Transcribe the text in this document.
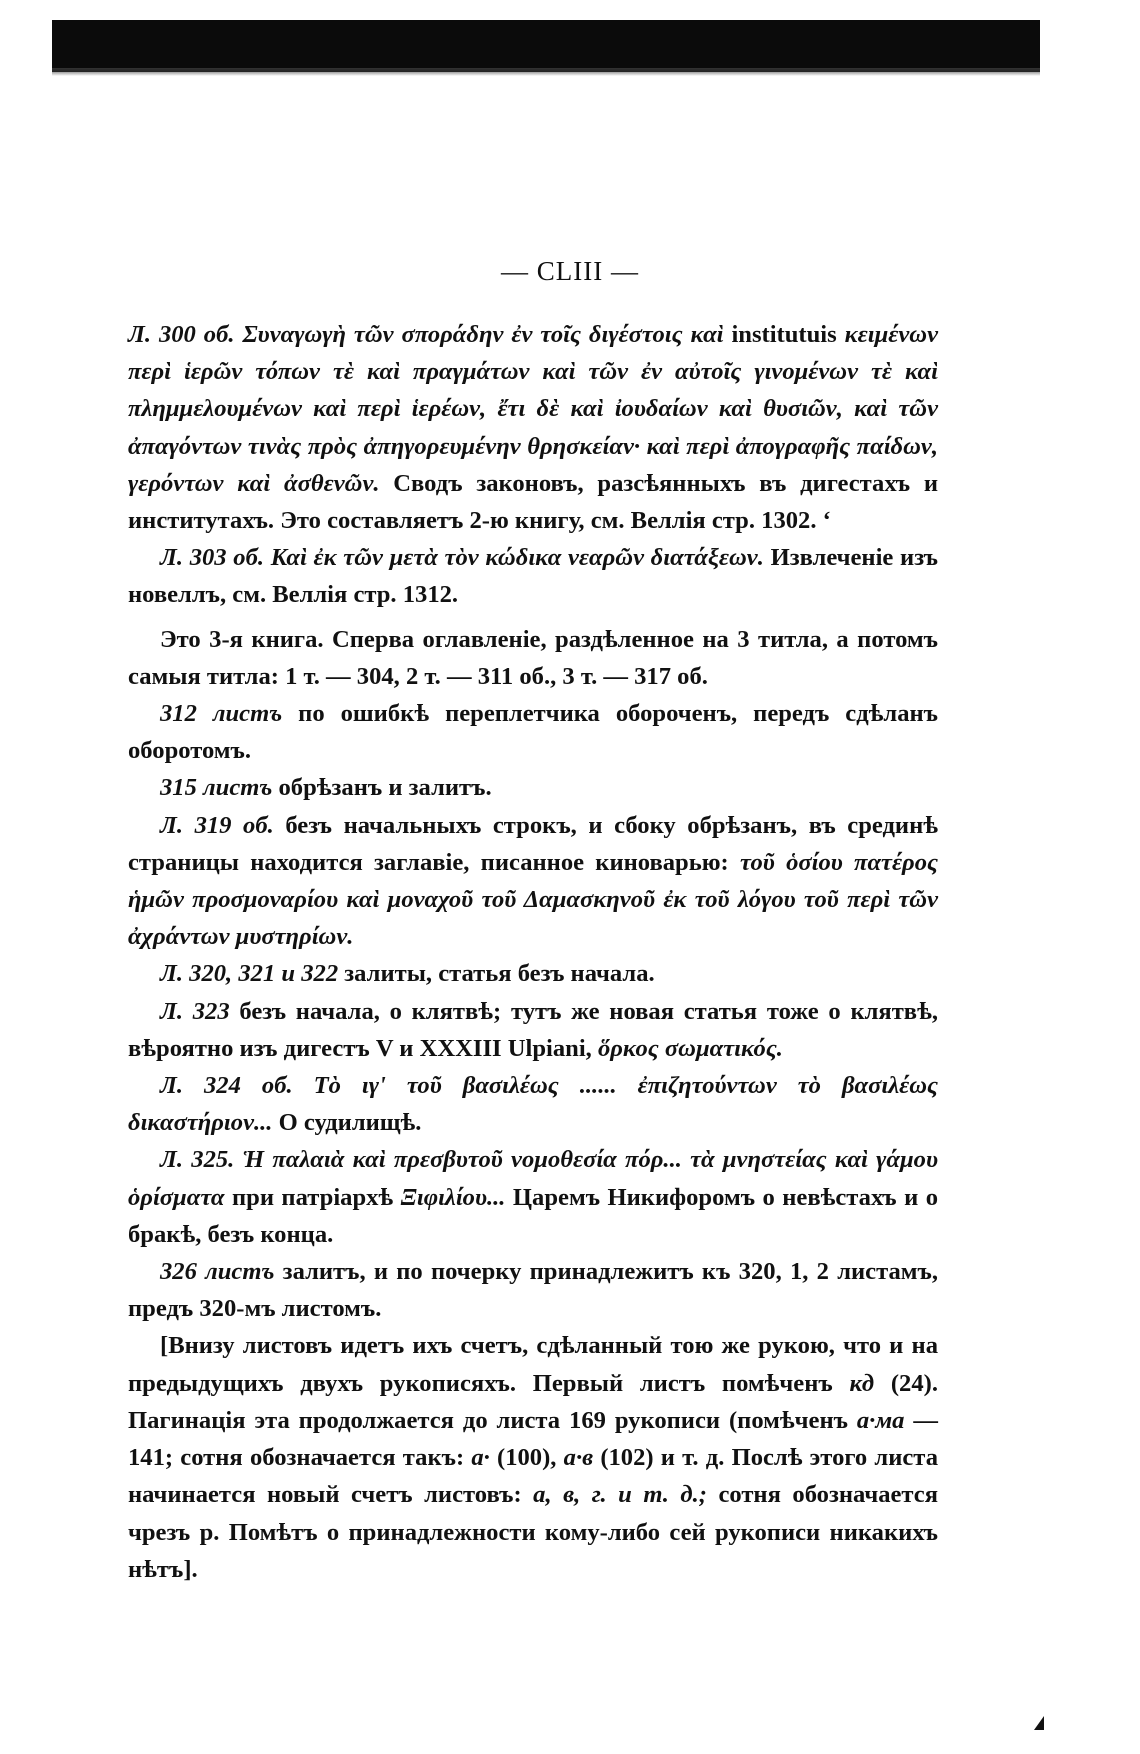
— CLIII —

Л. 300 об. Συναγωγὴ τῶν σποράδην ἐν τοῖς διγέστοις καὶ institutuis κειμένων περὶ ἱερῶν τόπων τὲ καὶ πραγμάτων καὶ τῶν ἐν αὐτοῖς γινομένων τὲ καὶ πλημμελουμένων καὶ περὶ ἱερέων, ἔτι δὲ καὶ ἰουδαίων καὶ θυσιῶν, καὶ τῶν ἀπαγόντων τινὰς πρὸς ἀπηγορευμένην θρησκείαν· καὶ περὶ ἀπογραφῆς παίδων, γερόντων καὶ ἀσθενῶν. Сводъ законовъ, разсѣянныхъ въ дигестахъ и институтахъ. Это составляетъ 2-ю книгу, см. Веллія стр. 1302. ‘

Л. 303 об. Καὶ ἐκ τῶν μετὰ τὸν κώδικα νεαρῶν διατάξεων. Извлеченіе изъ новеллъ, см. Веллія стр. 1312.

Это 3-я книга. Сперва оглавленіе, раздѣленное на 3 титла, а потомъ самыя титла: 1 т. — 304, 2 т. — 311 об., 3 т. — 317 об.

312 листъ по ошибкѣ переплетчика обороченъ, передъ сдѣланъ оборотомъ.

315 листъ обрѣзанъ и залитъ.

Л. 319 об. безъ начальныхъ строкъ, и сбоку обрѣзанъ, въ срединѣ страницы находится заглавіе, писанное киноварью: τοῦ ὁσίου πατέρος ἡμῶν προσμοναρίου καὶ μοναχοῦ τοῦ Δαμασκηνοῦ ἐκ τοῦ λόγου τοῦ περὶ τῶν ἀχράντων μυστηρίων.

Л. 320, 321 и 322 залиты, статья безъ начала.

Л. 323 безъ начала, о клятвѣ; тутъ же новая статья тоже о клятвѣ, вѣроятно изъ дигестъ V и XXXIII Ulpiani, ὅρκος σωματικός.

Л. 324 об. Τὸ ιγ' τοῦ βασιλέως ...... ἐπιζητούντων τὸ βασιλέως δικαστήριον... О судилищѣ.

Л. 325. Ἡ παλαιὰ καὶ πρεσβυτοῦ νομοθεσία πόρ... τὰ μνηστείας καὶ γάμου ὁρίσματα при патріархѣ Ξιφιλίου... Царемъ Никифоромъ о невѣстахъ и о бракѣ, безъ конца.

326 листъ залитъ, и по почерку принадлежитъ къ 320, 1, 2 листамъ, предъ 320-мъ листомъ.

[Внизу листовъ идетъ ихъ счетъ, сдѣланный тою же рукою, что и на предыдущихъ двухъ рукописяхъ. Первый листъ помѣченъ кд (24). Пагинація эта продолжается до листа 169 рукописи (помѣченъ а·ма — 141; сотня обозначается такъ: а· (100), а·в (102) и т. д. Послѣ этого листа начинается новый счетъ листовъ: а, в, г. и т. д.; сотня обозначается чрезъ р. Помѣтъ о принадлежности кому-либо сей рукописи никакихъ нѣтъ].
